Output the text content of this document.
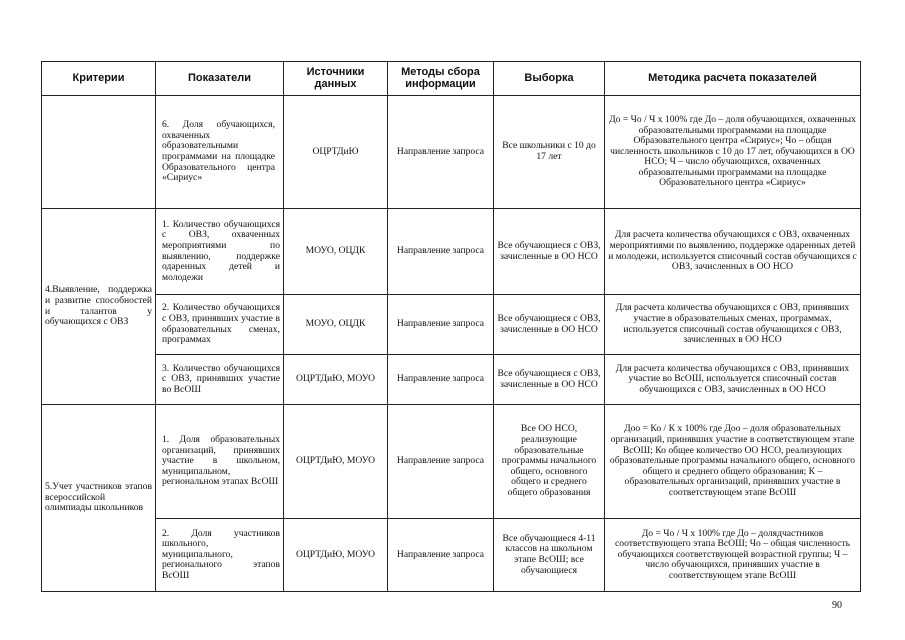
Критерии	Показатели	Источники данных	Методы сбора информации	Выборка	Методика расчета показателей
	6. Доля обучающихся, охваченных образовательными программами на площадке Образовательного центра «Сириус»	ОЦРТДиЮ	Направление запроса	Все школьники с 10 до 17 лет	До = Чо / Ч х 100% где До – доля обучающихся, охваченных образовательными программами на площадке Образовательного центра «Сириус»; Чо – общая численность школьников с 10 до 17 лет, обучающихся в ОО НСО; Ч – число обучающихся, охваченных образовательными программами на площадке Образовательного центра «Сириус»
4.Выявление, поддержка и развитие способностей и талантов у обучающихся с ОВЗ	1. Количество обучающихся с ОВЗ, охваченных мероприятиями по выявлению, поддержке одаренных детей и молодежи	МОУО, ОЦДК	Направление запроса	Все обучающиеся с ОВЗ, зачисленные в ОО НСО	Для расчета количества обучающихся с ОВЗ, охваченных мероприятиями по выявлению, поддержке одаренных детей и молодежи, используется списочный состав обучающихся с ОВЗ, зачисленных в ОО НСО
	2. Количество обучающихся с ОВЗ, принявших участие в образовательных сменах, программах	МОУО, ОЦДК	Направление запроса	Все обучающиеся с ОВЗ, зачисленные в ОО НСО	Для расчета количества обучающихся с ОВЗ, принявших участие в образовательных сменах, программах, используется списочный состав обучающихся с ОВЗ, зачисленных в ОО НСО
	3. Количество обучающихся с ОВЗ, принявших участие во ВсОШ	ОЦРТДиЮ, МОУО	Направление запроса	Все обучающиеся с ОВЗ, зачисленные в ОО НСО	Для расчета количества обучающихся с ОВЗ, принявших участие во ВсОШ, используется списочный состав обучающихся с ОВЗ, зачисленных в ОО НСО
5.Учет участников этапов всероссийской олимпиады школьников	1. Доля образовательных организаций, принявших участие в школьном, муниципальном, региональном этапах ВсОШ	ОЦРТДиЮ, МОУО	Направление запроса	Все ОО НСО, реализующие образовательные программы начального общего, основного общего и среднего общего образования	Доо = Ко / К х 100% где Доо – доля образовательных организаций, принявших участие в соответствующем этапе ВсОШ; Ко общее количество ОО НСО, реализующих образовательные программы начального общего, основного общего и среднего общего образования; К – образовательных организаций, принявших участие в соответствующем этапе ВсОШ
	2. Доля участников школьного, муниципального, регионального этапов ВсОШ	ОЦРТДиЮ, МОУО	Направление запроса	Все обучающиеся 4-11 классов на школьном этапе ВсОШ; все обучающиеся	До = Чо / Ч х 100% где До – долядчастников соответствующего этапа ВсОШ; Чо – общая численность обучающихся соответствующей возрастной группы; Ч – число обучающихся, принявших участие в соответствующем этапе ВсОШ
90
